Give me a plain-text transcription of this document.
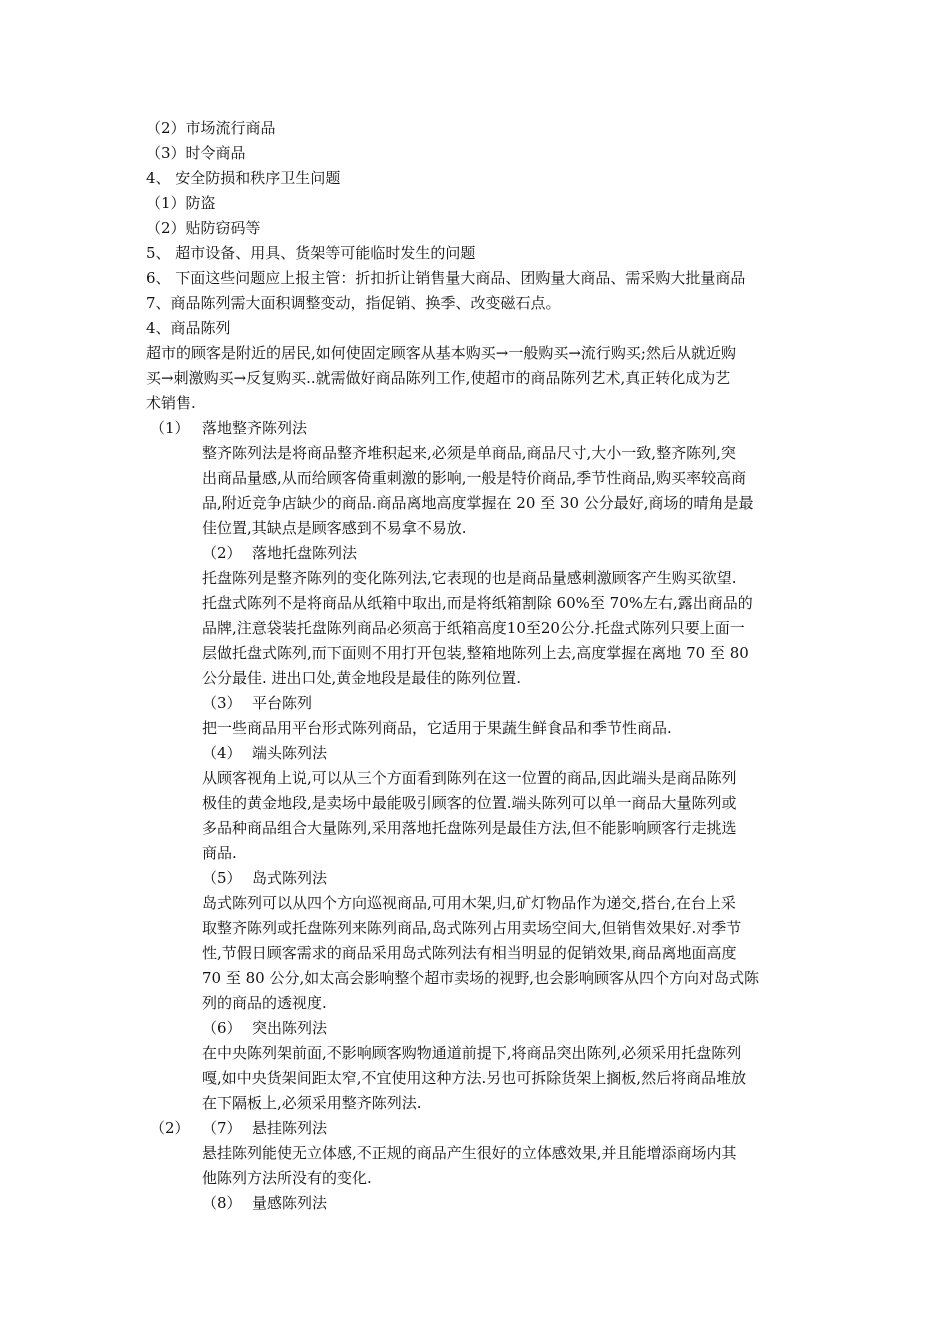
（2）市场流行商品
（3）时令商品
4、 安全防损和秩序卫生问题
（1）防盗
（2）贴防窃码等
5、 超市设备、用具、货架等可能临时发生的问题
6、 下面这些问题应上报主管：折扣折让销售量大商品、团购量大商品、需采购大批量商品
7、商品陈列需大面积调整变动，指促销、换季、改变磁石点。
4、商品陈列
超市的顾客是附近的居民,如何使固定顾客从基本购买→一般购买→流行购买;然后从就近购
买→刺激购买→反复购买..就需做好商品陈列工作,使超市的商品陈列艺术,真正转化成为艺
术销售.
（1） 落地整齐陈列法
整齐陈列法是将商品整齐堆积起来,必须是单商品,商品尺寸,大小一致,整齐陈列,突
出商品量感,从而给顾客倚重刺激的影响,一般是特价商品,季节性商品,购买率较高商
品,附近竞争店缺少的商品.商品离地高度掌握在 20 至 30 公分最好,商场的晴角是最
佳位置,其缺点是顾客感到不易拿不易放.
（2） 落地托盘陈列法
托盘陈列是整齐陈列的变化陈列法,它表现的也是商品量感刺激顾客产生购买欲望.
托盘式陈列不是将商品从纸箱中取出,而是将纸箱割除 60%至 70%左右,露出商品的
品牌,注意袋装托盘陈列商品必须高于纸箱高度10至20公分.托盘式陈列只要上面一
层做托盘式陈列,而下面则不用打开包装,整箱地陈列上去,高度掌握在离地 70 至 80
公分最佳. 进出口处,黄金地段是最佳的陈列位置.
（3） 平台陈列
把一些商品用平台形式陈列商品，它适用于果蔬生鲜食品和季节性商品.
（4） 端头陈列法
从顾客视角上说,可以从三个方面看到陈列在这一位置的商品,因此端头是商品陈列
极佳的黄金地段,是卖场中最能吸引顾客的位置.端头陈列可以单一商品大量陈列或
多品种商品组合大量陈列,采用落地托盘陈列是最佳方法,但不能影响顾客行走挑选
商品.
（5） 岛式陈列法
岛式陈列可以从四个方向巡视商品,可用木架,归,矿灯物品作为递交,搭台,在台上采
取整齐陈列或托盘陈列来陈列商品,岛式陈列占用卖场空间大,但销售效果好.对季节
性,节假日顾客需求的商品采用岛式陈列法有相当明显的促销效果,商品离地面高度
70 至 80 公分,如太高会影响整个超市卖场的视野,也会影响顾客从四个方向对岛式陈
列的商品的透视度.
（6） 突出陈列法
在中央陈列架前面,不影响顾客购物通道前提下,将商品突出陈列,必须采用托盘陈列
嘎,如中央货架间距太窄,不宜使用这种方法.另也可拆除货架上搁板,然后将商品堆放
在下隔板上,必须采用整齐陈列法.
（2） （7） 悬挂陈列法
悬挂陈列能使无立体感,不正规的商品产生很好的立体感效果,并且能增添商场内其
他陈列方法所没有的变化.
（8） 量感陈列法
